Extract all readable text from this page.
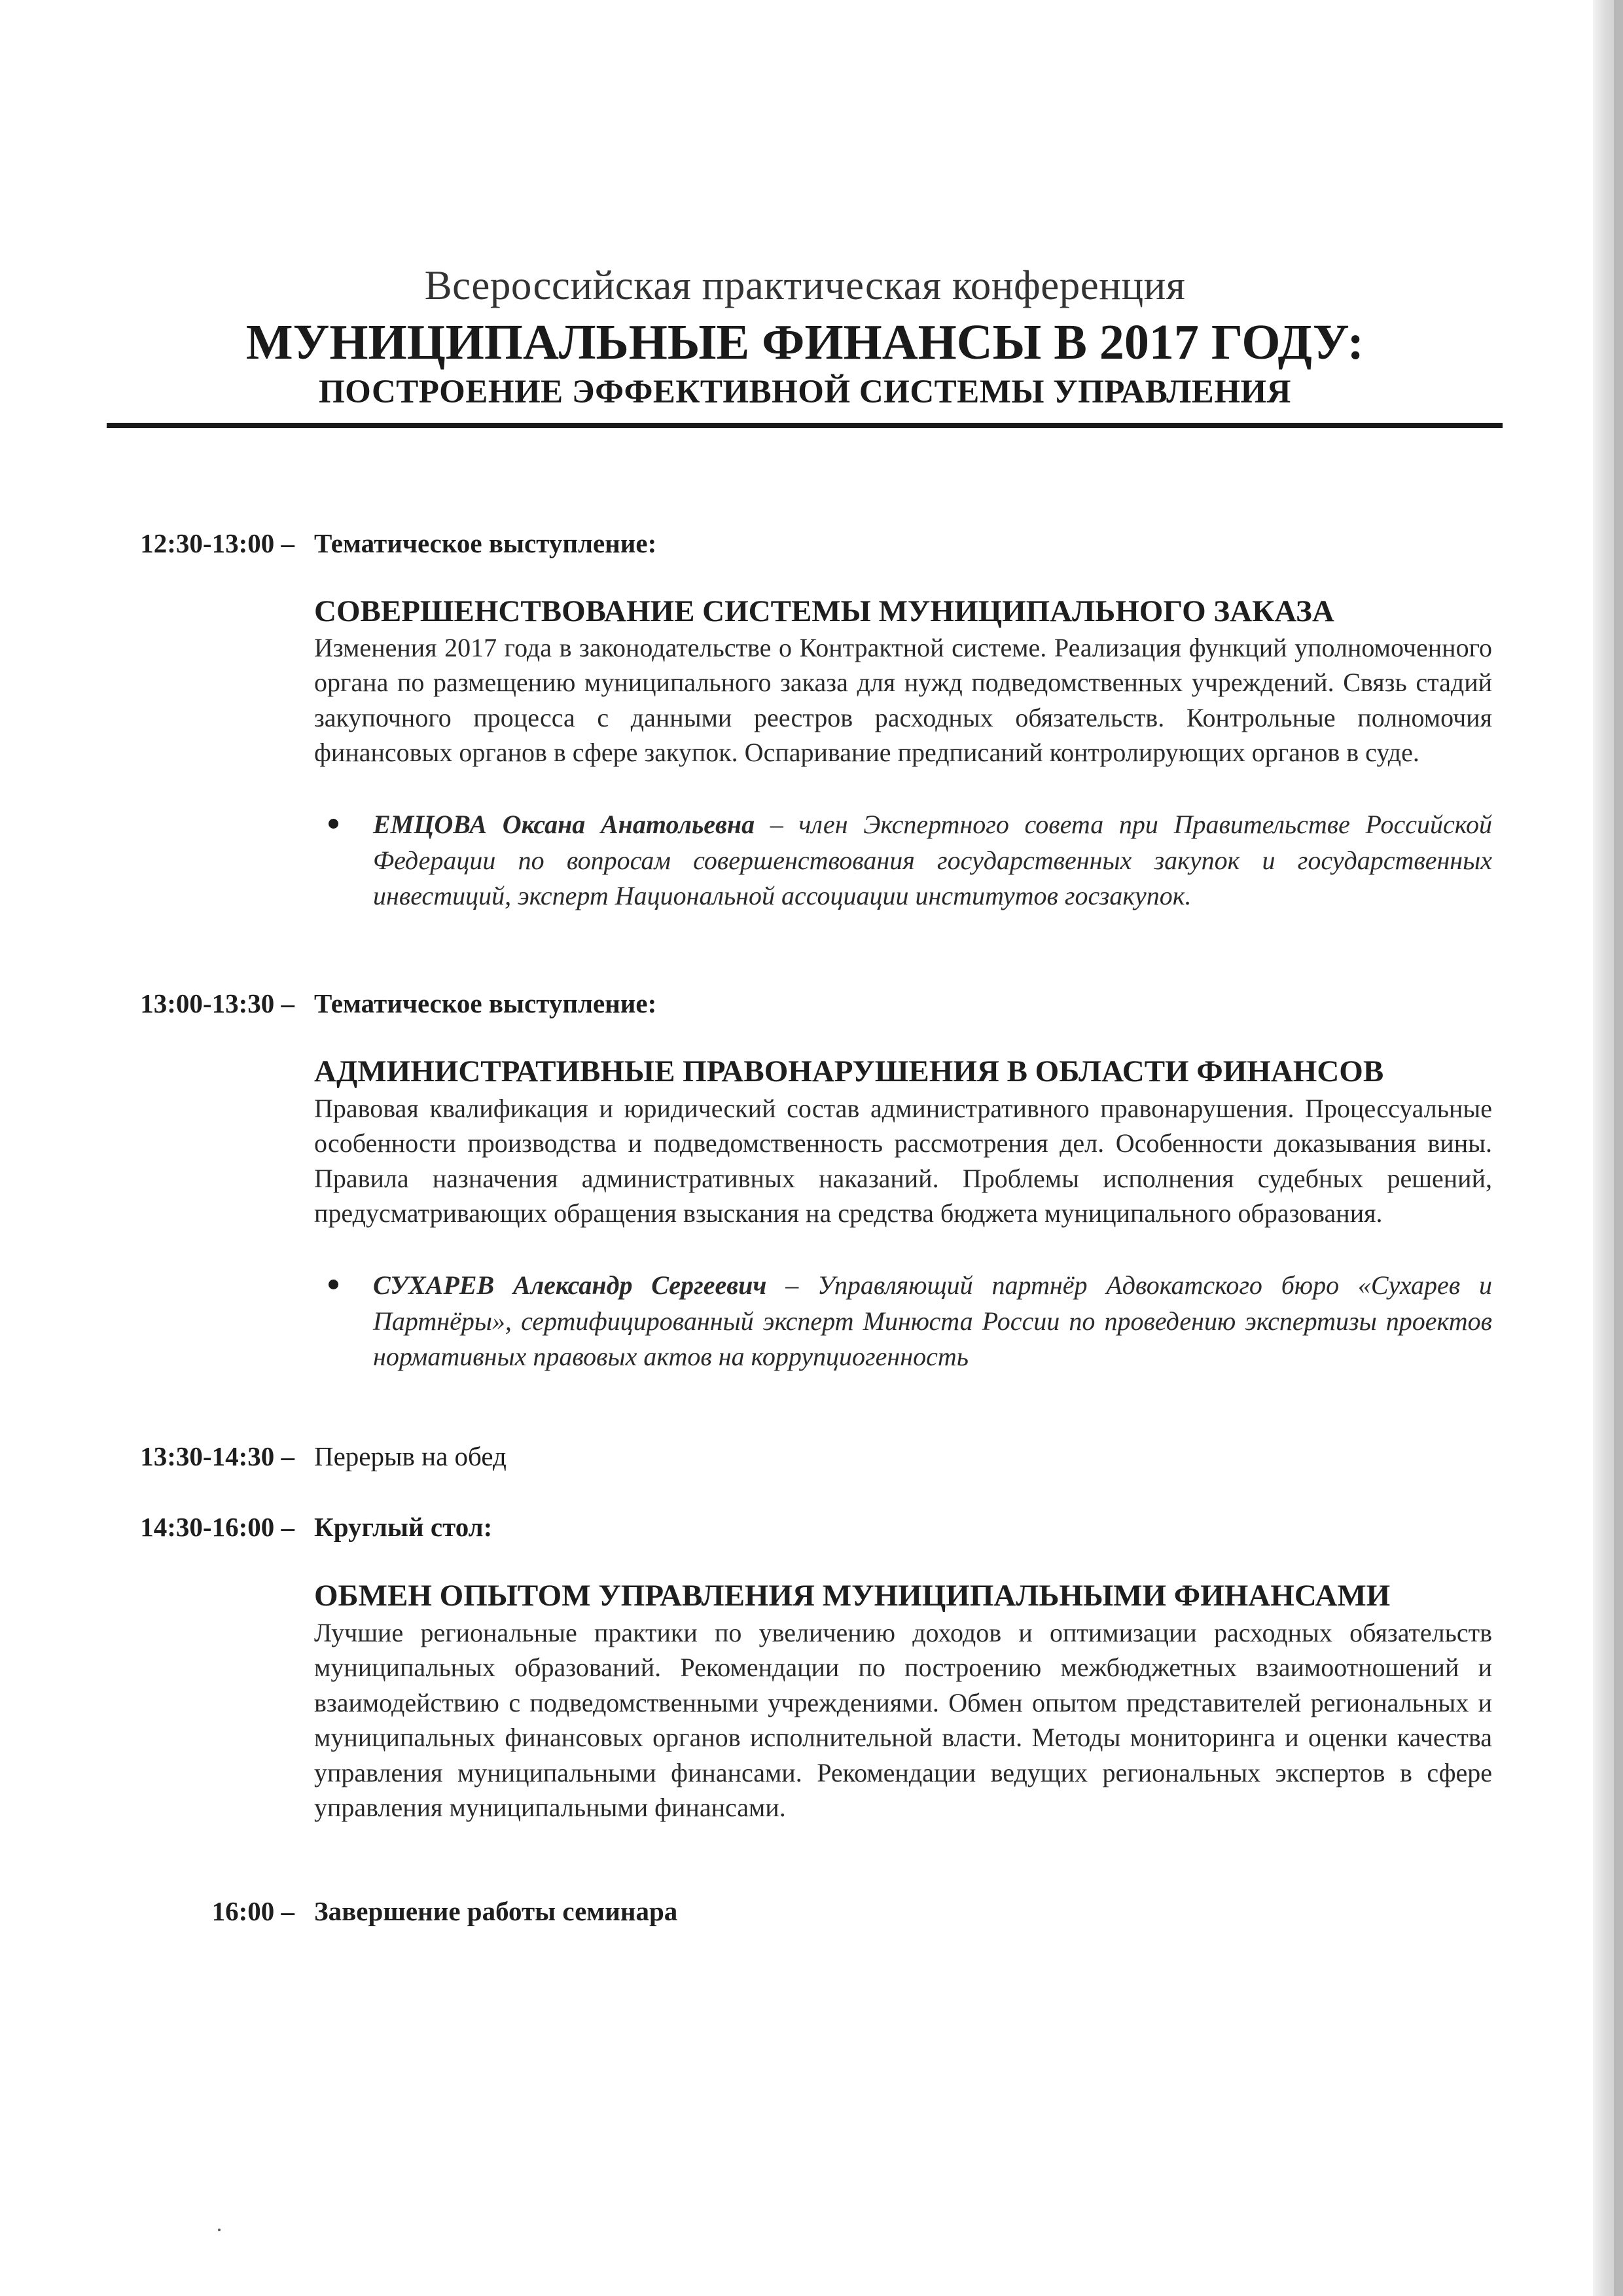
Всероссийская практическая конференция
МУНИЦИПАЛЬНЫЕ ФИНАНСЫ В 2017 ГОДУ:
ПОСТРОЕНИЕ ЭФФЕКТИВНОЙ СИСТЕМЫ УПРАВЛЕНИЯ
12:30-13:00 – Тематическое выступление:
СОВЕРШЕНСТВОВАНИЕ СИСТЕМЫ МУНИЦИПАЛЬНОГО ЗАКАЗА
Изменения 2017 года в законодательстве о Контрактной системе. Реализация функций уполномоченного органа по размещению муниципального заказа для нужд подведомственных учреждений. Связь стадий закупочного процесса с данными реестров расходных обязательств. Контрольные полномочия финансовых органов в сфере закупок. Оспаривание предписаний контролирующих органов в суде.
ЕМЦОВА Оксана Анатольевна – член Экспертного совета при Правительстве Российской Федерации по вопросам совершенствования государственных закупок и государственных инвестиций, эксперт Национальной ассоциации институтов госзакупок.
13:00-13:30 – Тематическое выступление:
АДМИНИСТРАТИВНЫЕ ПРАВОНАРУШЕНИЯ В ОБЛАСТИ ФИНАНСОВ
Правовая квалификация и юридический состав административного правонарушения. Процессуальные особенности производства и подведомственность рассмотрения дел. Особенности доказывания вины. Правила назначения административных наказаний. Проблемы исполнения судебных решений, предусматривающих обращения взыскания на средства бюджета муниципального образования.
СУХАРЕВ Александр Сергеевич – Управляющий партнёр Адвокатского бюро «Сухарев и Партнёры», сертифицированный эксперт Минюста России по проведению экспертизы проектов нормативных правовых актов на коррупциогенность
13:30-14:30 – Перерыв на обед
14:30-16:00 – Круглый стол:
ОБМЕН ОПЫТОМ УПРАВЛЕНИЯ МУНИЦИПАЛЬНЫМИ ФИНАНСАМИ
Лучшие региональные практики по увеличению доходов и оптимизации расходных обязательств муниципальных образований. Рекомендации по построению межбюджетных взаимоотношений и взаимодействию с подведомственными учреждениями. Обмен опытом представителей региональных и муниципальных финансовых органов исполнительной власти. Методы мониторинга и оценки качества управления муниципальными финансами. Рекомендации ведущих региональных экспертов в сфере управления муниципальными финансами.
16:00 – Завершение работы семинара
